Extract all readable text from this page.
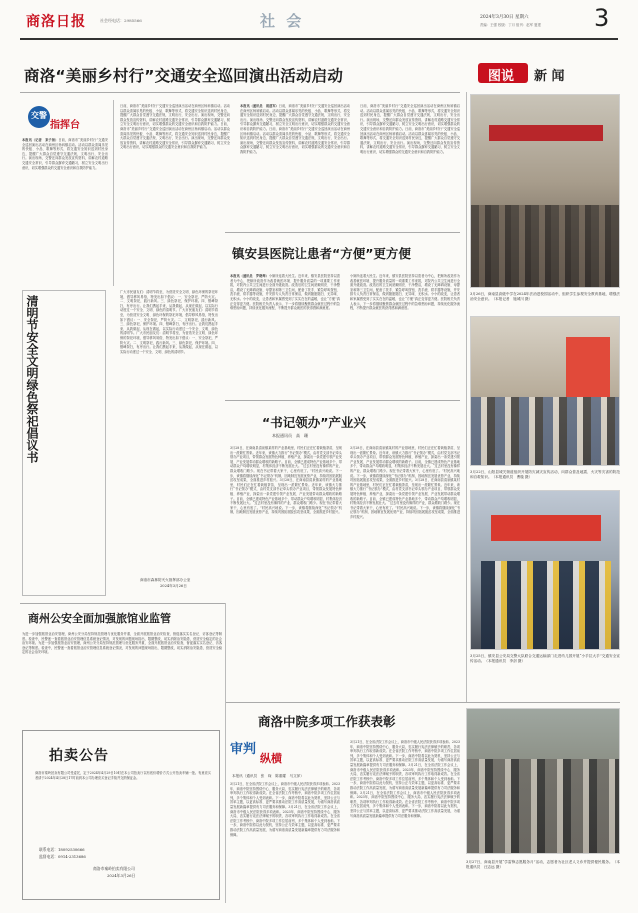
商洛日报	社会经电话：2985566	社 会	2024年3月30日 星期六
责编：王强 校版：丁月 组刊：赵军 夏建 3
商洛“美丽乡村行”交通安全巡回演出活动启动	图说 新 闻
交警
指挥台
本报讯（记者　来子扬）日前，商洛市“美丽乡村行”交通安全巡回演出活动在商州区杨斜镇启动。活动以群众喜闻乐见的快板、小品、歌舞等形式，将交通安全知识送到村民身边，提醒广大群众自觉遵守交通法规，文明出行，安全出行。演出现场，交警还向群众发放宣传资料，讲解农村道路交通安全常识，引导群众摒弃交通陋习，树立安全文明出行意识，切实增强群众的交通安全意识和自我防护能力。
日前，商洛市“美丽乡村行”交通安全巡回演出活动在商州区杨斜镇启动。活动以群众喜闻乐见的快板、小品、歌舞等形式，将交通安全知识送到村民身边，提醒广大群众自觉遵守交通法规，文明出行，安全出行。演出现场，交警还向群众发放宣传资料，讲解农村道路交通安全常识，引导群众摒弃交通陋习，树立安全文明出行意识，切实增强群众的交通安全意识和自我防护能力。日前，商洛市“美丽乡村行”交通安全巡回演出活动在商州区杨斜镇启动。活动以群众喜闻乐见的快板、小品、歌舞等形式，将交通安全知识送到村民身边，提醒广大群众自觉遵守交通法规，文明出行，安全出行。演出现场，交警还向群众发放宣传资料，讲解农村道路交通安全常识，引导群众摒弃交通陋习，树立安全文明出行意识，切实增强群众的交通安全意识和自我防护能力。
本报讯（通讯员　周道军）日前，商洛市“美丽乡村行”交通安全巡回演出活动在商州区杨斜镇启动。活动以群众喜闻乐见的快板、小品、歌舞等形式，将交通安全知识送到村民身边，提醒广大群众自觉遵守交通法规，文明出行，安全出行。演出现场，交警还向群众发放宣传资料，讲解农村道路交通安全常识，引导群众摒弃交通陋习，树立安全文明出行意识，切实增强群众的交通安全意识和自我防护能力。日前，商洛市“美丽乡村行”交通安全巡回演出活动在商州区杨斜镇启动。活动以群众喜闻乐见的快板、小品、歌舞等形式，将交通安全知识送到村民身边，提醒广大群众自觉遵守交通法规，文明出行，安全出行。演出现场，交警还向群众发放宣传资料，讲解农村道路交通安全常识，引导群众摒弃交通陋习，树立安全文明出行意识，切实增强群众的交通安全意识和自我防护能力。
日前，商洛市“美丽乡村行”交通安全巡回演出活动在商州区杨斜镇启动。活动以群众喜闻乐见的快板、小品、歌舞等形式，将交通安全知识送到村民身边，提醒广大群众自觉遵守交通法规，文明出行，安全出行。演出现场，交警还向群众发放宣传资料，讲解农村道路交通安全常识，引导群众摒弃交通陋习，树立安全文明出行意识，切实增强群众的交通安全意识和自我防护能力。日前，商洛市“美丽乡村行”交通安全巡回演出活动在商州区杨斜镇启动。活动以群众喜闻乐见的快板、小品、歌舞等形式，将交通安全知识送到村民身边，提醒广大群众自觉遵守交通法规，文明出行，安全出行。演出现场，交警还向群众发放宣传资料，讲解农村道路交通安全常识，引导群众摒弃交通陋习，树立安全文明出行意识，切实增强群众的交通安全意识和自我防护能力。
清明节安全文明绿色祭祀倡议书
广大市民朋友们：清明节将至，为营造安全文明、绿色环保的祭祀环境，倡导移风易俗，特发出如下倡议：一、安全祭祀，严防火灾。二、文明祭祀，践行新风。三、绿色祭祀，保护环境。四、错峰祭扫，有序出行。让我们携起手来，从我做起，从现在做起，以实际行动度过一个安全、文明、绿色的清明节。广大市民朋友们：清明节将至，为营造安全文明、绿色环保的祭祀环境，倡导移风易俗，特发出如下倡议：一、安全祭祀，严防火灾。二、文明祭祀，践行新风。三、绿色祭祀，保护环境。四、错峰祭扫，有序出行。让我们携起手来，从我做起，从现在做起，以实际行动度过一个安全、文明、绿色的清明节。广大市民朋友们：清明节将至，为营造安全文明、绿色环保的祭祀环境，倡导移风易俗，特发出如下倡议：一、安全祭祀，严防火灾。二、文明祭祀，践行新风。三、绿色祭祀，保护环境。四、错峰祭扫，有序出行。让我们携起手来，从我做起，从现在做起，以实际行动度过一个安全、文明、绿色的清明节。
商洛市森林防灭火指挥部办公室
2024年3月26日
镇安县医院让患者“方便”更方便
本报讯（通讯员　罗晓琴）小厕所连着大民生。近年来，镇安县医院坚持以患者为中心，把厕所改造作为改善就医环境、提升服务质量的一项重要工作来抓，对院内公共卫生间进行全面升级改造。改造后的卫生间宽敞明亮、干净整洁，增设了无障碍设施、母婴室和第三卫生间，配备了扶手、紧急呼叫按钮、洗手液、烘手器等设施，并安排专人负责日常保洁，做到随脏随扫、无异味、无积水。小小的改变，让患者和家属感受到了实实在在的温暖，也让“方便”真正变得更方便。医院相关负责人表示，下一步将继续聚焦群众就医过程中的急难愁盼问题，持续优化服务流程，不断提升群众就医的获得感和满意度。
小厕所连着大民生。近年来，镇安县医院坚持以患者为中心，把厕所改造作为改善就医环境、提升服务质量的一项重要工作来抓，对院内公共卫生间进行全面升级改造。改造后的卫生间宽敞明亮、干净整洁，增设了无障碍设施、母婴室和第三卫生间，配备了扶手、紧急呼叫按钮、洗手液、烘手器等设施，并安排专人负责日常保洁，做到随脏随扫、无异味、无积水。小小的改变，让患者和家属感受到了实实在在的温暖，也让“方便”真正变得更方便。医院相关负责人表示，下一步将继续聚焦群众就医过程中的急难愁盼问题，持续优化服务流程，不断提升群众就医的获得感和满意度。
“书记领办”产业兴
本报通讯员　高　珊
3月28日，在商南县清泉镇某村的产业基地里，村民们正在忙着栽植茶苗，呈现出一派繁忙景象。近年来，该镇大力推行“书记领办”模式，由村党支部书记牵头领办产业项目，带领群众发展特色种植、养殖产业，探索出一条党建引领产业发展、产业发展带动群众增收的新路子。目前，全镇已建成特色产业基地多个，带动群众户均增收明显，村集体经济不断发展壮大。“过去村里没有像样的产业，群众增收门路少。现在书记带着大家干，心里有底了。”村民高兴地说。下一步，该镇将继续深化“书记领办”机制，因地制宜发展优势产业，持续巩固拓展脱贫攻坚成果，全面推进乡村振兴。3月28日，在商南县清泉镇某村的产业基地里，村民们正在忙着栽植茶苗，呈现出一派繁忙景象。近年来，该镇大力推行“书记领办”模式，由村党支部书记牵头领办产业项目，带领群众发展特色种植、养殖产业，探索出一条党建引领产业发展、产业发展带动群众增收的新路子。目前，全镇已建成特色产业基地多个，带动群众户均增收明显，村集体经济不断发展壮大。“过去村里没有像样的产业，群众增收门路少。现在书记带着大家干，心里有底了。”村民高兴地说。下一步，该镇将继续深化“书记领办”机制，因地制宜发展优势产业，持续巩固拓展脱贫攻坚成果，全面推进乡村振兴。
3月28日，在商南县清泉镇某村的产业基地里，村民们正在忙着栽植茶苗，呈现出一派繁忙景象。近年来，该镇大力推行“书记领办”模式，由村党支部书记牵头领办产业项目，带领群众发展特色种植、养殖产业，探索出一条党建引领产业发展、产业发展带动群众增收的新路子。目前，全镇已建成特色产业基地多个，带动群众户均增收明显，村集体经济不断发展壮大。“过去村里没有像样的产业，群众增收门路少。现在书记带着大家干，心里有底了。”村民高兴地说。下一步，该镇将继续深化“书记领办”机制，因地制宜发展优势产业，持续巩固拓展脱贫攻坚成果，全面推进乡村振兴。3月28日，在商南县清泉镇某村的产业基地里，村民们正在忙着栽植茶苗，呈现出一派繁忙景象。近年来，该镇大力推行“书记领办”模式，由村党支部书记牵头领办产业项目，带领群众发展特色种植、养殖产业，探索出一条党建引领产业发展、产业发展带动群众增收的新路子。目前，全镇已建成特色产业基地多个，带动群众户均增收明显，村集体经济不断发展壮大。“过去村里没有像样的产业，群众增收门路少。现在书记带着大家干，心里有底了。”村民高兴地说。下一步，该镇将继续深化“书记领办”机制，因地制宜发展优势产业，持续巩固拓展脱贫攻坚成果，全面推进乡村振兴。
商州公安全面加强旅馆业监管
为进一步加强旅馆业治安管理，商州公安分局坚持规范管理与优化服务并重，全面开展旅馆业治安检查，督促落实实名登记、访客登记等制度。检查中，民警逐一查看旅馆业治安管理信息系统登记情况，对发现的问题现场指出，限期整改，切实消除治安隐患，营造安全稳定的社会治安环境。为进一步加强旅馆业治安管理，商州公安分局坚持规范管理与优化服务并重，全面开展旅馆业治安检查，督促落实实名登记、访客登记等制度。检查中，民警逐一查看旅馆业治安管理信息系统登记情况，对发现的问题现场指出，限期整改，切实消除治安隐患，营造安全稳定的社会治安环境。
拍卖公告
商洛市秦岭拍卖有限公司受委托，定于2024年4月29日10时在本公司拍卖厅以有底价增价方式公开拍卖车辆一批。有意竞买者请于2024年4月28日17时前到本公司办理竞买登记手续并交纳保证金。
联系电话：18092530666
监督电话：0914-2313686
商洛市秦岭拍卖有限公司
2024年3月26日
商洛中院多项工作获表彰
审判
纵横
本报讯（通讯员　张　琛　陈重耀　马文萍）
3月21日，在全省法院工作会议上，商洛市中级人民法院获得多项表彰。2023年，商洛中院坚持围绕中心、服务大局，忠实履行宪法法律赋予的职责，各项审判执行工作取得新成效。在全省法院工作考核中，商洛中院多项工作位居前列，多个集体和个人受到表彰。下一步，商洛中院将以此为契机，坚持公正与效率主题，以更高标准、更严要求推动法院工作高质量发展，为谱写商洛高质量发展新篇章提供有力司法服务和保障。3月21日，在全省法院工作会议上，商洛市中级人民法院获得多项表彰。2023年，商洛中院坚持围绕中心、服务大局，忠实履行宪法法律赋予的职责，各项审判执行工作取得新成效。在全省法院工作考核中，商洛中院多项工作位居前列，多个集体和个人受到表彰。下一步，商洛中院将以此为契机，坚持公正与效率主题，以更高标准、更严要求推动法院工作高质量发展，为谱写商洛高质量发展新篇章提供有力司法服务和保障。
3月21日，在全省法院工作会议上，商洛市中级人民法院获得多项表彰。2023年，商洛中院坚持围绕中心、服务大局，忠实履行宪法法律赋予的职责，各项审判执行工作取得新成效。在全省法院工作考核中，商洛中院多项工作位居前列，多个集体和个人受到表彰。下一步，商洛中院将以此为契机，坚持公正与效率主题，以更高标准、更严要求推动法院工作高质量发展，为谱写商洛高质量发展新篇章提供有力司法服务和保障。3月21日，在全省法院工作会议上，商洛市中级人民法院获得多项表彰。2023年，商洛中院坚持围绕中心、服务大局，忠实履行宪法法律赋予的职责，各项审判执行工作取得新成效。在全省法院工作考核中，商洛中院多项工作位居前列，多个集体和个人受到表彰。下一步，商洛中院将以此为契机，坚持公正与效率主题，以更高标准、更严要求推动法院工作高质量发展，为谱写商洛高质量发展新篇章提供有力司法服务和保障。3月21日，在全省法院工作会议上，商洛市中级人民法院获得多项表彰。2023年，商洛中院坚持围绕中心、服务大局，忠实履行宪法法律赋予的职责，各项审判执行工作取得新成效。在全省法院工作考核中，商洛中院多项工作位居前列，多个集体和个人受到表彰。下一步，商洛中院将以此为契机，坚持公正与效率主题，以更高标准、更严要求推动法院工作高质量发展，为谱写商洛高质量发展新篇章提供有力司法服务和保障。
3月26日，商南县高级中学在2024年法治进校园活动中，组织学生参观安全教育基地，增强法治安全意识。（本报记者　施城川 摄）
3月22日，山阳县城关街道组织开展防灾减灾宣传活动，向群众普及地震、火灾等灾害的防范和自救知识。（本报通讯员　曹璇 摄）
3月25日，镇安县公安局交警大队联合交通运输部门走进幼儿园开展“小手拉大手”交通安全宣传活动。（本报通讯员　李剑 摄）
3月27日，商南县开展“学雷锋志愿服务月”活动，志愿者为社区老人义诊并提供便民服务。（本报通讯员　汪志远 摄）
